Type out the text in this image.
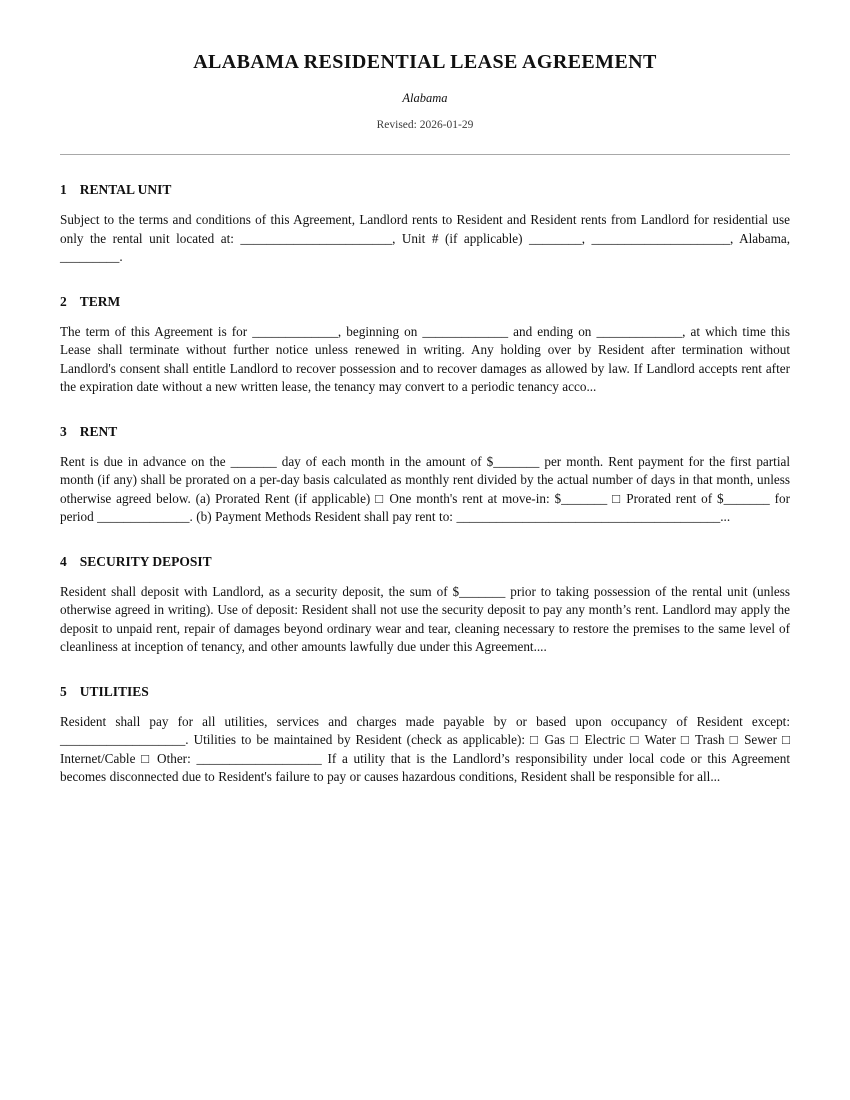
ALABAMA RESIDENTIAL LEASE AGREEMENT
Alabama
Revised: 2026-01-29
1 RENTAL UNIT

Subject to the terms and conditions of this Agreement, Landlord rents to Resident and Resident rents from Landlord for residential use only the rental unit located at: _______________________, Unit # (if applicable) ________, _____________________, Alabama, _________.

2 TERM

The term of this Agreement is for _____________, beginning on _____________ and ending on _____________, at which time this Lease shall terminate without further notice unless renewed in writing. Any holding over by Resident after termination without Landlord's consent shall entitle Landlord to recover possession and to recover damages as allowed by law. If Landlord accepts rent after the expiration date without a new written lease, the tenancy may convert to a periodic tenancy acco...

3 RENT

Rent is due in advance on the _______ day of each month in the amount of $_______ per month. Rent payment for the first partial month (if any) shall be prorated on a per-day basis calculated as monthly rent divided by the actual number of days in that month, unless otherwise agreed below. (a) Prorated Rent (if applicable) □ One month's rent at move-in: $_______ □ Prorated rent of $_______ for period ______________. (b) Payment Methods Resident shall pay rent to: ________________________________________...

4 SECURITY DEPOSIT

Resident shall deposit with Landlord, as a security deposit, the sum of $_______ prior to taking possession of the rental unit (unless otherwise agreed in writing). Use of deposit: Resident shall not use the security deposit to pay any month’s rent. Landlord may apply the deposit to unpaid rent, repair of damages beyond ordinary wear and tear, cleaning necessary to restore the premises to the same level of cleanliness at inception of tenancy, and other amounts lawfully due under this Agreement....

5 UTILITIES

Resident shall pay for all utilities, services and charges made payable by or based upon occupancy of Resident except: ___________________. Utilities to be maintained by Resident (check as applicable): □ Gas □ Electric □ Water □ Trash □ Sewer □ Internet/Cable □ Other: ___________________ If a utility that is the Landlord’s responsibility under local code or this Agreement becomes disconnected due to Resident's failure to pay or causes hazardous conditions, Resident shall be responsible for all...
